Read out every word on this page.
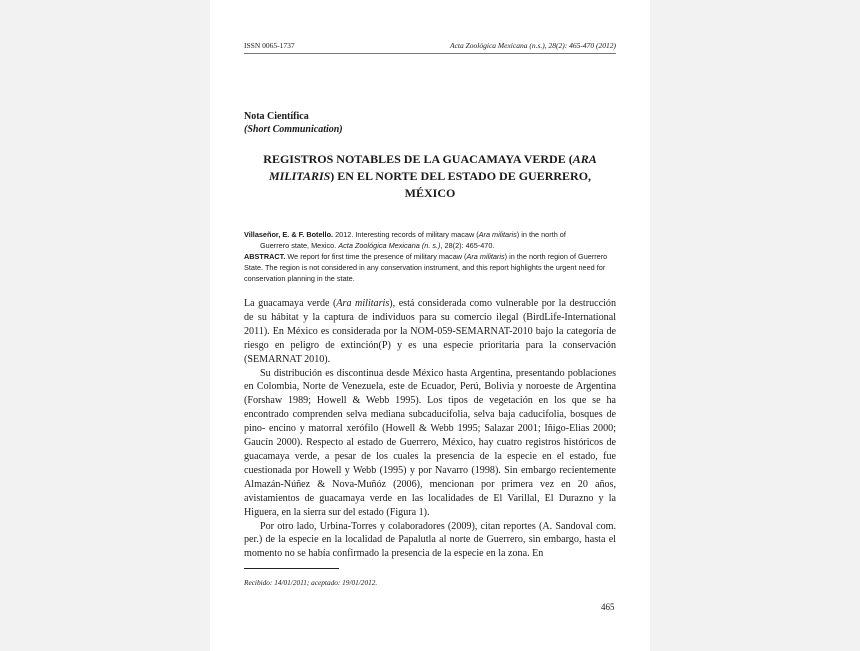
ISSN 0065-1737	Acta Zoológica Mexicana (n.s.), 28(2): 465-470 (2012)
Nota Científica
(Short Communication)
REGISTROS NOTABLES DE LA GUACAMAYA VERDE (ARA MILITARIS) EN EL NORTE DEL ESTADO DE GUERRERO, MÉXICO
Villaseñor, E. & F. Botello. 2012. Interesting records of military macaw (Ara militaris) in the north of
Guerrero state, Mexico. Acta Zoológica Mexicana (n. s.), 28(2): 465-470.
ABSTRACT. We report for first time the presence of military macaw (Ara militaris) in the north region of Guerrero State. The region is not considered in any conservation instrument, and this report highlights the urgent need for conservation planning in the state.

La guacamaya verde (Ara militaris), está considerada como vulnerable por la destrucción de su hábitat y la captura de individuos para su comercio ilegal (BirdLife-International 2011). En México es considerada por la NOM-059-SEMARNAT-2010 bajo la categoría de riesgo en peligro de extinción(P) y es una especie prioritaria para la conservación (SEMARNAT 2010).

Su distribución es discontinua desde México hasta Argentina, presentando poblaciones en Colombia, Norte de Venezuela, este de Ecuador, Perú, Bolivia y noroeste de Argentina (Forshaw 1989; Howell & Webb 1995). Los tipos de vegetación en los que se ha encontrado comprenden selva mediana subcaducifolia, selva baja caducifolia, bosques de pino- encino y matorral xerófilo (Howell & Webb 1995; Salazar 2001; Iñigo-Elias 2000; Gaucín 2000). Respecto al estado de Guerrero, México, hay cuatro registros históricos de guacamaya verde, a pesar de los cuales la presencia de la especie en el estado, fue cuestionada por Howell y Webb (1995) y por Navarro (1998). Sin embargo recientemente Almazán-Núñez & Nova-Muñóz (2006), mencionan por primera vez en 20 años, avistamientos de guacamaya verde en las localidades de El Varillal, El Durazno y la Higuera, en la sierra sur del estado (Figura 1).

Por otro lado, Urbina-Torres y colaboradores (2009), citan reportes (A. Sandoval com. per.) de la especie en la localidad de Papalutla al norte de Guerrero, sin embargo, hasta el momento no se había confirmado la presencia de la especie en la zona. En

Recibido: 14/01/2011; aceptado: 19/01/2012.
465
